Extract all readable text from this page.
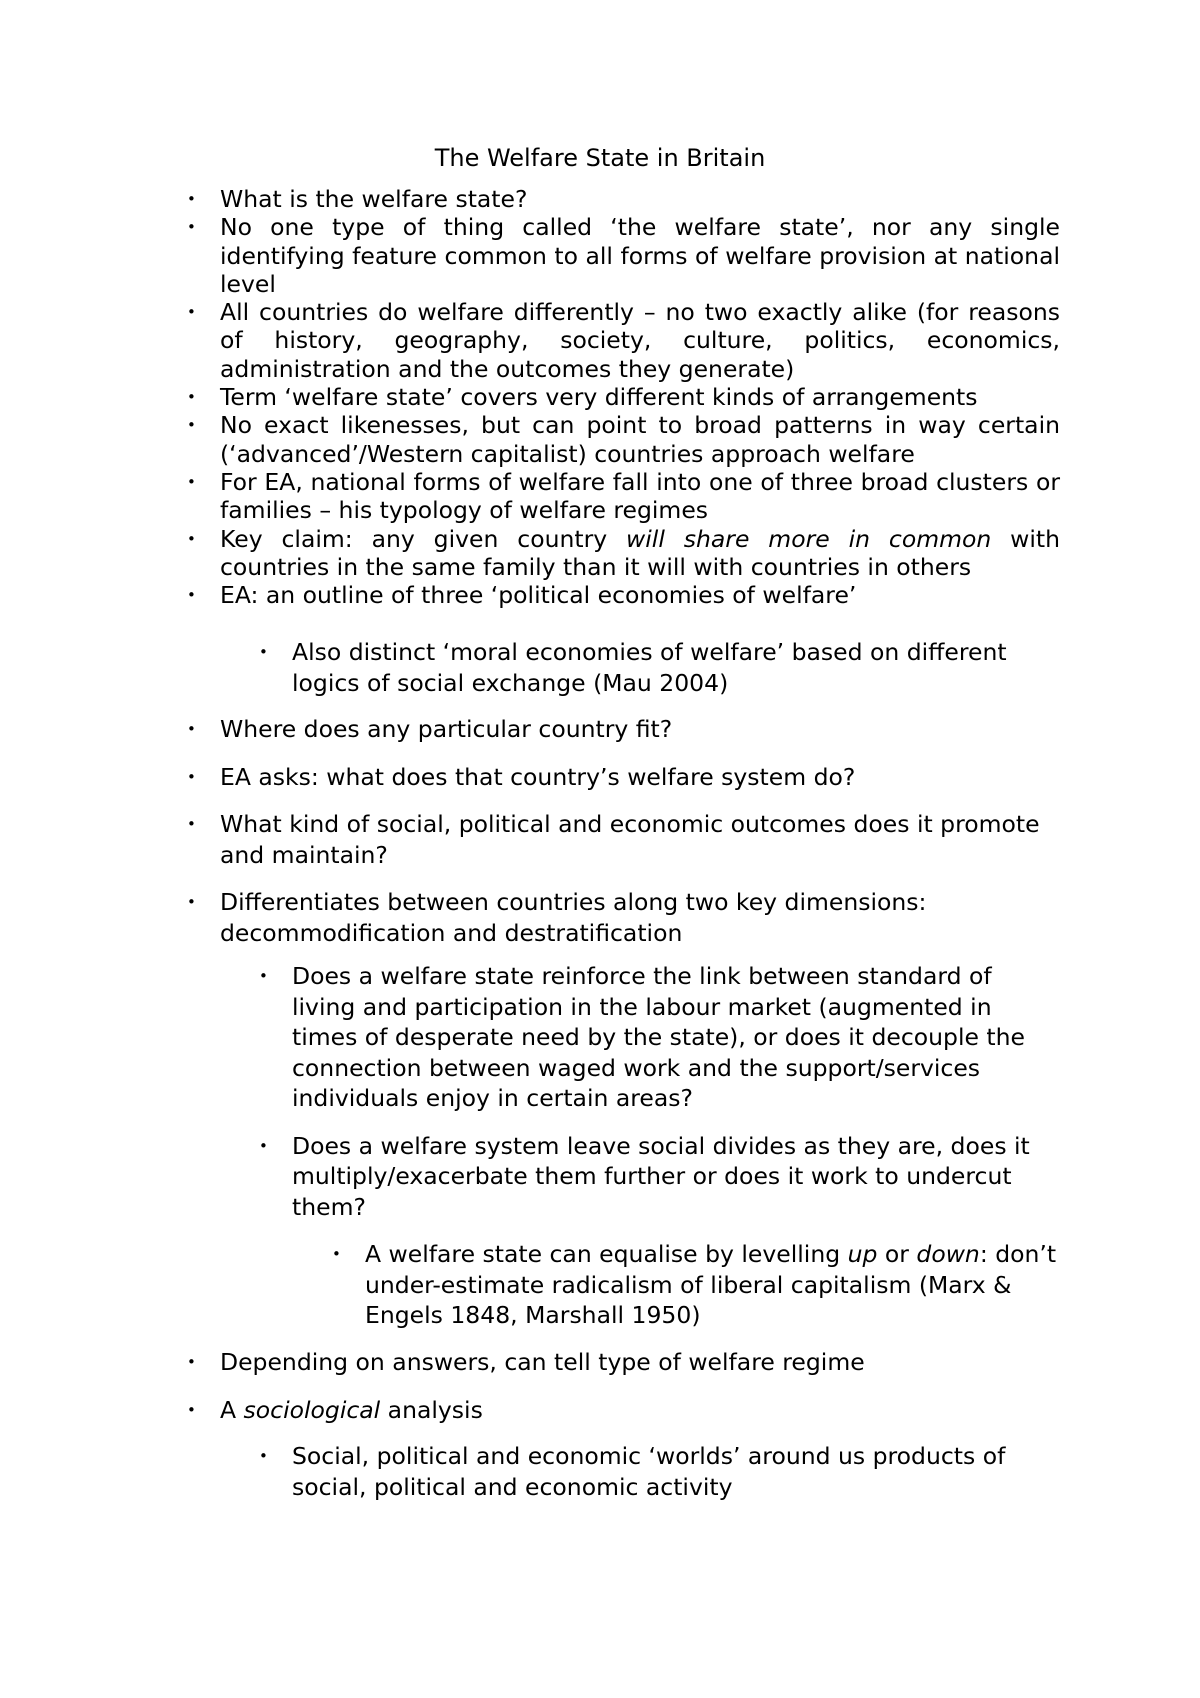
The Welfare State in Britain
• What is the welfare state?
• No one type of thing called ‘the welfare state’, nor any single identifying feature common to all forms of welfare provision at national level
• All countries do welfare differently – no two exactly alike (for reasons of history, geography, society, culture, politics, economics, administration and the outcomes they generate)
• Term ‘welfare state’ covers very different kinds of arrangements
• No exact likenesses, but can point to broad patterns in way certain (‘advanced’/Western capitalist) countries approach welfare
• For EA, national forms of welfare fall into one of three broad clusters or families – his typology of welfare regimes
• Key claim: any given country will share more in common with countries in the same family than it will with countries in others
• EA: an outline of three ‘political economies of welfare’
• Also distinct ‘moral economies of welfare’ based on different logics of social exchange (Mau 2004)
• Where does any particular country fit?
• EA asks: what does that country’s welfare system do?
• What kind of social, political and economic outcomes does it promote and maintain?
• Differentiates between countries along two key dimensions: decommodification and destratification
• Does a welfare state reinforce the link between standard of living and participation in the labour market (augmented in times of desperate need by the state), or does it decouple the connection between waged work and the support/services individuals enjoy in certain areas?
• Does a welfare system leave social divides as they are, does it multiply/exacerbate them further or does it work to undercut them?
• A welfare state can equalise by levelling up or down: don’t under-estimate radicalism of liberal capitalism (Marx & Engels 1848, Marshall 1950)
• Depending on answers, can tell type of welfare regime
• A sociological analysis
• Social, political and economic ‘worlds’ around us products of social, political and economic activity
